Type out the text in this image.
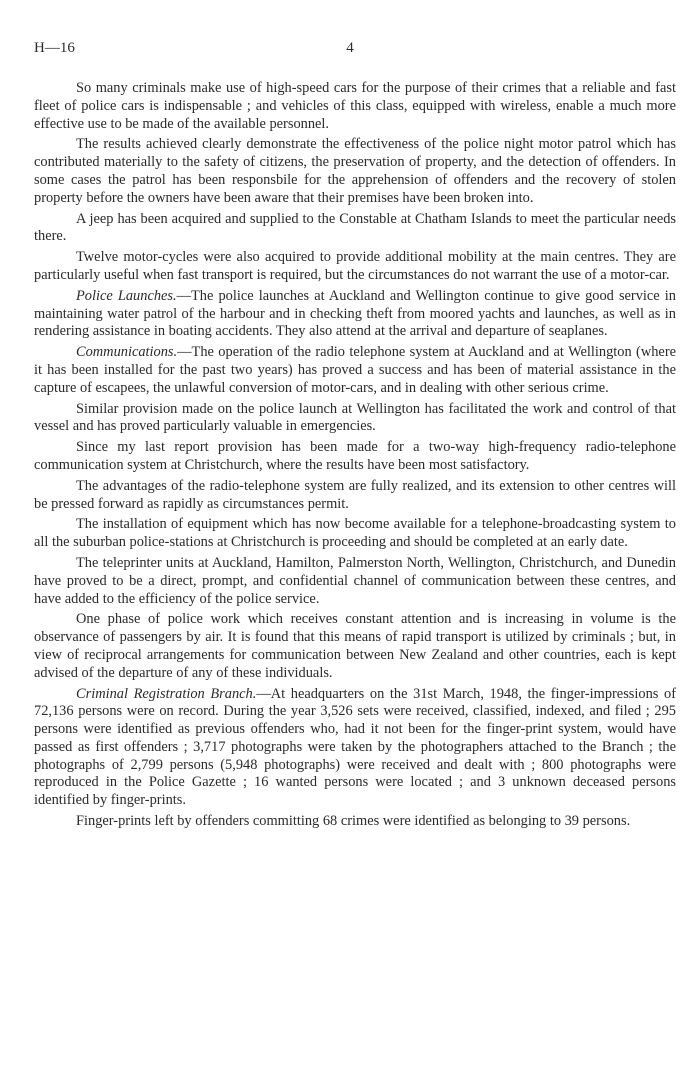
H—16	4

So many criminals make use of high-speed cars for the purpose of their crimes that a reliable and fast fleet of police cars is indispensable ; and vehicles of this class, equipped with wireless, enable a much more effective use to be made of the available personnel.

The results achieved clearly demonstrate the effectiveness of the police night motor patrol which has contributed materially to the safety of citizens, the preservation of property, and the detection of offenders. In some cases the patrol has been responsbile for the apprehension of offenders and the recovery of stolen property before the owners have been aware that their premises have been broken into.

A jeep has been acquired and supplied to the Constable at Chatham Islands to meet the particular needs there.

Twelve motor-cycles were also acquired to provide additional mobility at the main centres. They are particularly useful when fast transport is required, but the circumstances do not warrant the use of a motor-car.

Police Launches.—The police launches at Auckland and Wellington continue to give good service in maintaining water patrol of the harbour and in checking theft from moored yachts and launches, as well as in rendering assistance in boating accidents. They also attend at the arrival and departure of seaplanes.

Communications.—The operation of the radio telephone system at Auckland and at Wellington (where it has been installed for the past two years) has proved a success and has been of material assistance in the capture of escapees, the unlawful conversion of motor-cars, and in dealing with other serious crime.

Similar provision made on the police launch at Wellington has facilitated the work and control of that vessel and has proved particularly valuable in emergencies.

Since my last report provision has been made for a two-way high-frequency radio-telephone communication system at Christchurch, where the results have been most satisfactory.

The advantages of the radio-telephone system are fully realized, and its extension to other centres will be pressed forward as rapidly as circumstances permit.

The installation of equipment which has now become available for a telephone-broadcasting system to all the suburban police-stations at Christchurch is proceeding and should be completed at an early date.

The teleprinter units at Auckland, Hamilton, Palmerston North, Wellington, Christchurch, and Dunedin have proved to be a direct, prompt, and confidential channel of communication between these centres, and have added to the efficiency of the police service.

One phase of police work which receives constant attention and is increasing in volume is the observance of passengers by air. It is found that this means of rapid transport is utilized by criminals ; but, in view of reciprocal arrangements for communication between New Zealand and other countries, each is kept advised of the departure of any of these individuals.

Criminal Registration Branch.—At headquarters on the 31st March, 1948, the finger-impressions of 72,136 persons were on record. During the year 3,526 sets were received, classified, indexed, and filed ; 295 persons were identified as previous offenders who, had it not been for the finger-print system, would have passed as first offenders ; 3,717 photographs were taken by the photographers attached to the Branch ; the photographs of 2,799 persons (5,948 photographs) were received and dealt with ; 800 photographs were reproduced in the Police Gazette ; 16 wanted persons were located ; and 3 unknown deceased persons identified by finger-prints.

Finger-prints left by offenders committing 68 crimes were identified as belonging to 39 persons.
